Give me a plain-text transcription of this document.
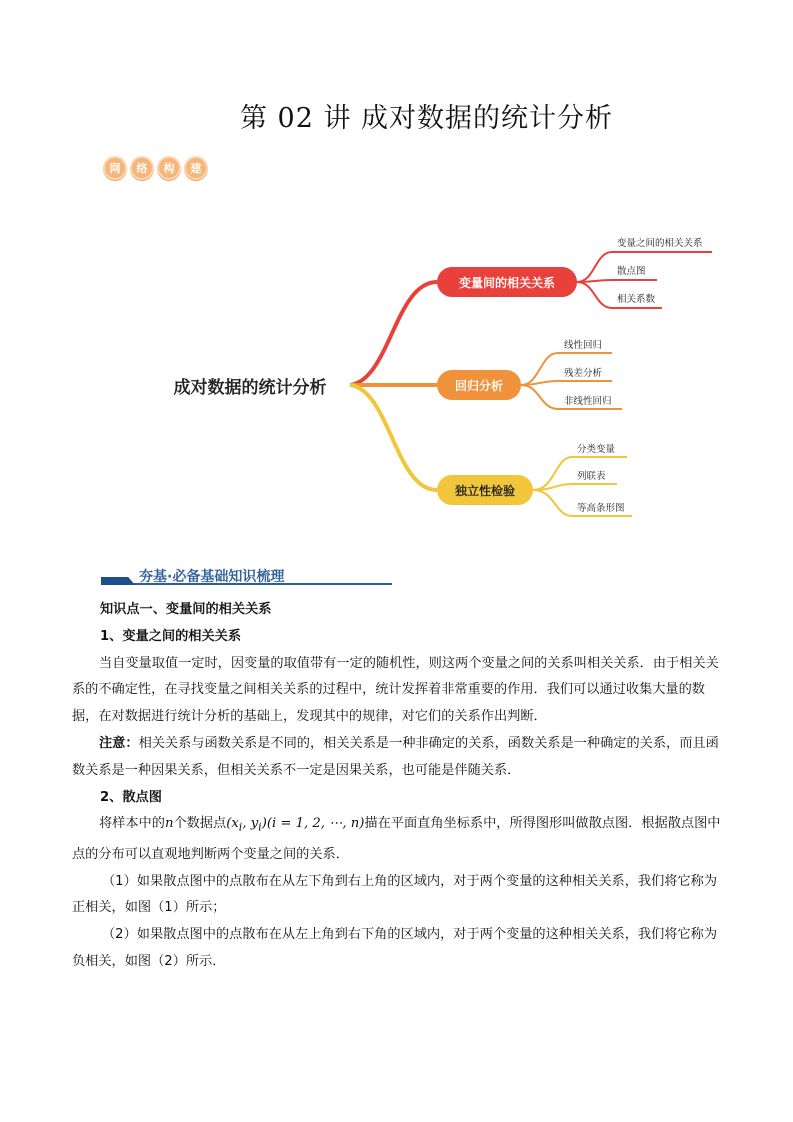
第 02 讲 成对数据的统计分析
网	络	构	建
成对数据的统计分析
变量间的相关关系
变量之间的相关关系
散点图
相关系数
回归分析
线性回归
残差分析
非线性回归
独立性检验
分类变量
列联表
等高条形图
夯基·必备基础知识梳理

知识点一、变量间的相关关系

1、变量之间的相关关系

当自变量取值一定时，因变量的取值带有一定的随机性，则这两个变量之间的关系叫相关关系．由于相关关系的不确定性，在寻找变量之间相关关系的过程中，统计发挥着非常重要的作用．我们可以通过收集大量的数据，在对数据进行统计分析的基础上，发现其中的规律，对它们的关系作出判断．

注意：相关关系与函数关系是不同的，相关关系是一种非确定的关系，函数关系是一种确定的关系，而且函数关系是一种因果关系，但相关关系不一定是因果关系，也可能是伴随关系．

2、散点图

将样本中的n个数据点($x_i$, $y_i)(i = 1$, 2, ⋯, n)描在平面直角坐标系中，所得图形叫做散点图．根据散点图中点的分布可以直观地判断两个变量之间的关系．

（1）如果散点图中的点散布在从左下角到右上角的区域内，对于两个变量的这种相关关系，我们将它称为正相关，如图（1）所示；

（2）如果散点图中的点散布在从左上角到右下角的区域内，对于两个变量的这种相关关系，我们将它称为负相关，如图（2）所示．
